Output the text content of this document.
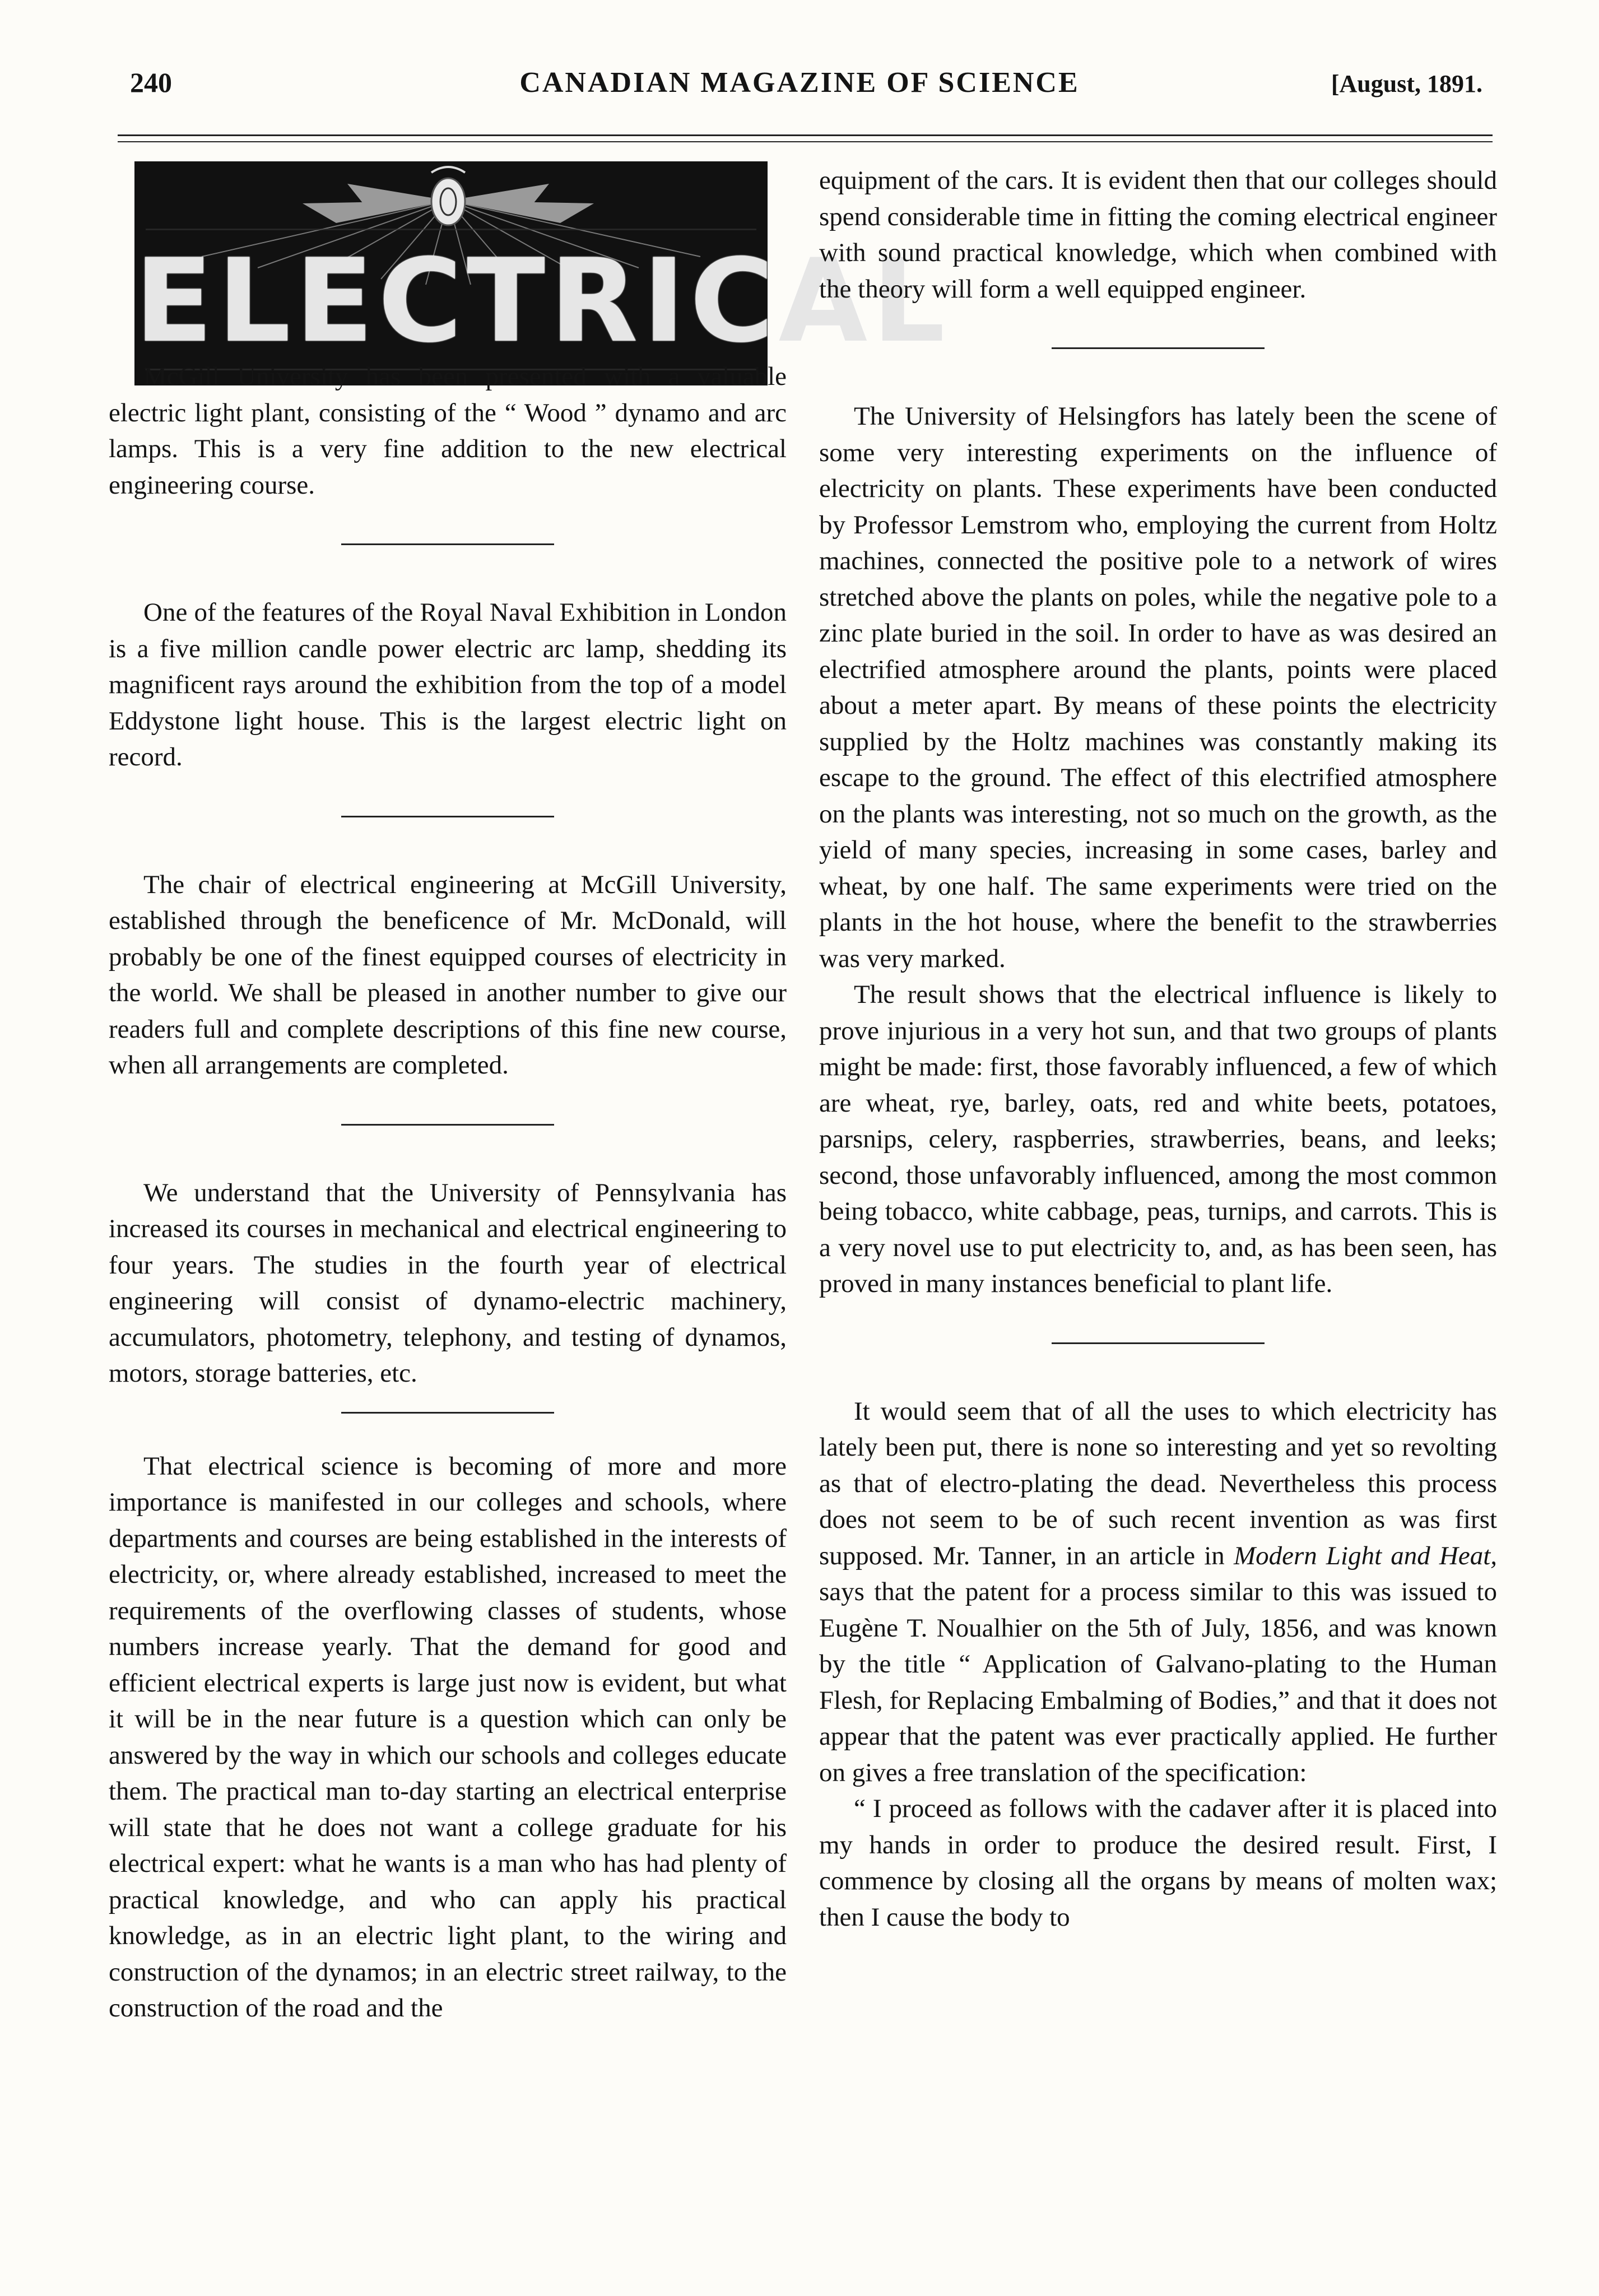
240	CANADIAN MAGAZINE OF SCIENCE	[August, 1891.
ELECTRICAL

McGill University has been presented with a valuable electric light plant, consisting of the “ Wood ” dynamo and arc lamps. This is a very fine addition to the new electrical engineering course.

One of the features of the Royal Naval Exhibition in London is a five million candle power electric arc lamp, shedding its magnificent rays around the exhibition from the top of a model Eddystone light house. This is the largest electric light on record.

The chair of electrical engineering at McGill University, established through the beneficence of Mr. McDonald, will probably be one of the finest equipped courses of electricity in the world. We shall be pleased in another number to give our readers full and complete descriptions of this fine new course, when all arrangements are completed.

We understand that the University of Pennsylvania has increased its courses in mechanical and electrical engineering to four years. The studies in the fourth year of electrical engineering will consist of dynamo-electric machinery, accumulators, photometry, telephony, and testing of dynamos, motors, storage batteries, etc.

That electrical science is becoming of more and more importance is manifested in our colleges and schools, where departments and courses are being established in the interests of electricity, or, where already established, increased to meet the requirements of the overflowing classes of students, whose numbers increase yearly. That the demand for good and efficient electrical experts is large just now is evident, but what it will be in the near future is a question which can only be answered by the way in which our schools and colleges educate them. The practical man to-day starting an electrical enterprise will state that he does not want a college graduate for his electrical expert: what he wants is a man who has had plenty of practical knowledge, and who can apply his practical knowledge, as in an electric light plant, to the wiring and construction of the dynamos; in an electric street railway, to the construction of the road and the

equipment of the cars. It is evident then that our colleges should spend considerable time in fitting the coming electrical engineer with sound practical knowledge, which when combined with the theory will form a well equipped engineer.

The University of Helsingfors has lately been the scene of some very interesting experiments on the influence of electricity on plants. These experiments have been conducted by Professor Lemstrom who, employing the current from Holtz machines, connected the positive pole to a network of wires stretched above the plants on poles, while the negative pole to a zinc plate buried in the soil. In order to have as was desired an electrified atmosphere around the plants, points were placed about a meter apart. By means of these points the electricity supplied by the Holtz machines was constantly making its escape to the ground. The effect of this electrified atmosphere on the plants was interesting, not so much on the growth, as the yield of many species, increasing in some cases, barley and wheat, by one half. The same experiments were tried on the plants in the hot house, where the benefit to the strawberries was very marked.

The result shows that the electrical influence is likely to prove injurious in a very hot sun, and that two groups of plants might be made: first, those favorably influenced, a few of which are wheat, rye, barley, oats, red and white beets, potatoes, parsnips, celery, raspberries, strawberries, beans, and leeks; second, those unfavorably influenced, among the most common being tobacco, white cabbage, peas, turnips, and carrots. This is a very novel use to put electricity to, and, as has been seen, has proved in many instances beneficial to plant life.

It would seem that of all the uses to which electricity has lately been put, there is none so interesting and yet so revolting as that of electro-plating the dead. Nevertheless this process does not seem to be of such recent invention as was first supposed. Mr. Tanner, in an article in Modern Light and Heat, says that the patent for a process similar to this was issued to Eugène T. Noualhier on the 5th of July, 1856, and was known by the title “ Application of Galvano-plating to the Human Flesh, for Replacing Embalming of Bodies,” and that it does not appear that the patent was ever practically applied. He further on gives a free translation of the specification:

“ I proceed as follows with the cadaver after it is placed into my hands in order to produce the desired result. First, I commence by closing all the organs by means of molten wax; then I cause the body to
